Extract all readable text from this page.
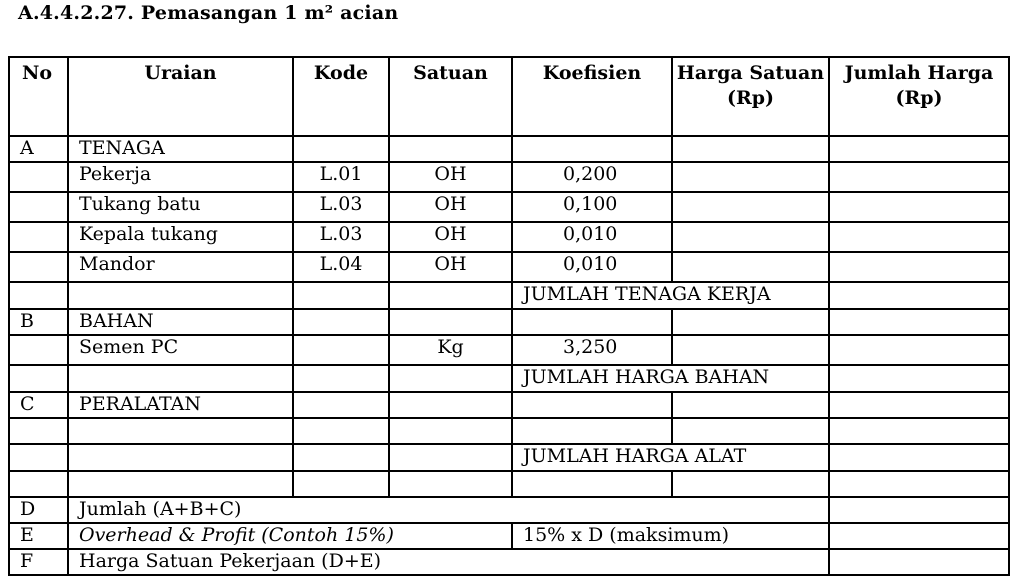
A.4.4.2.27. Pemasangan 1 m² acian
No	Uraian	Kode	Satuan	Koefisien	Harga Satuan (Rp)	Jumlah Harga (Rp)
A	TENAGA					
	Pekerja	L.01	OH	0,200		
	Tukang batu	L.03	OH	0,100		
	Kepala tukang	L.03	OH	0,010		
	Mandor	L.04	OH	0,010		
				JUMLAH TENAGA KERJA		
B	BAHAN					
	Semen PC		Kg	3,250		
				JUMLAH HARGA BAHAN		
C	PERALATAN					

				JUMLAH HARGA ALAT		

D	Jumlah (A+B+C)					
E	Overhead & Profit (Contoh 15%)			15% x D (maksimum)		
F	Harga Satuan Pekerjaan (D+E)					
